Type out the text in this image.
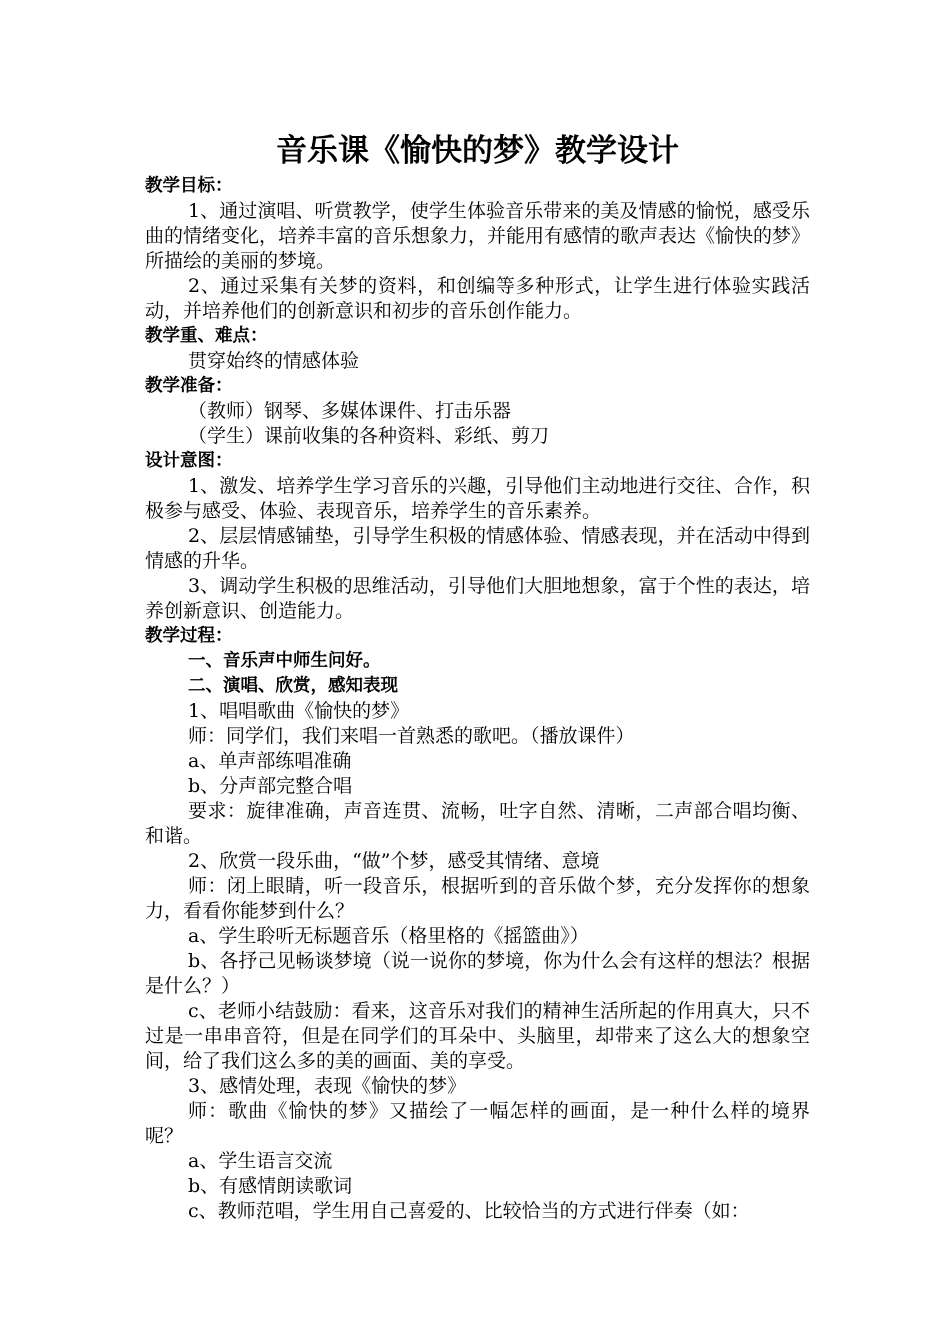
音乐课《愉快的梦》教学设计
教学目标：
1、通过演唱、听赏教学，使学生体验音乐带来的美及情感的愉悦，感受乐曲的情绪变化，培养丰富的音乐想象力，并能用有感情的歌声表达《愉快的梦》所描绘的美丽的梦境。
2、通过采集有关梦的资料，和创编等多种形式，让学生进行体验实践活动，并培养他们的创新意识和初步的音乐创作能力。
教学重、难点：
贯穿始终的情感体验
教学准备：
（教师）钢琴、多媒体课件、打击乐器
（学生）课前收集的各种资料、彩纸、剪刀
设计意图：
1、激发、培养学生学习音乐的兴趣，引导他们主动地进行交往、合作，积极参与感受、体验、表现音乐，培养学生的音乐素养。
2、层层情感铺垫，引导学生积极的情感体验、情感表现，并在活动中得到情感的升华。
3、调动学生积极的思维活动，引导他们大胆地想象，富于个性的表达，培养创新意识、创造能力。
教学过程：
一、音乐声中师生问好。
二、演唱、欣赏，感知表现
1、唱唱歌曲《愉快的梦》
师：同学们，我们来唱一首熟悉的歌吧。（播放课件）
a、单声部练唱准确
b、分声部完整合唱
要求：旋律准确，声音连贯、流畅，吐字自然、清晰，二声部合唱均衡、和谐。
2、欣赏一段乐曲，“做”个梦，感受其情绪、意境
师：闭上眼睛，听一段音乐，根据听到的音乐做个梦，充分发挥你的想象力，看看你能梦到什么？
a、学生聆听无标题音乐（格里格的《摇篮曲》）
b、各抒己见畅谈梦境（说一说你的梦境，你为什么会有这样的想法？根据是什么？）
c、老师小结鼓励：看来，这音乐对我们的精神生活所起的作用真大，只不过是一串串音符，但是在同学们的耳朵中、头脑里，却带来了这么大的想象空间，给了我们这么多的美的画面、美的享受。
3、感情处理，表现《愉快的梦》
师：歌曲《愉快的梦》又描绘了一幅怎样的画面，是一种什么样的境界呢？
a、学生语言交流
b、有感情朗读歌词
c、教师范唱，学生用自己喜爱的、比较恰当的方式进行伴奏（如：
